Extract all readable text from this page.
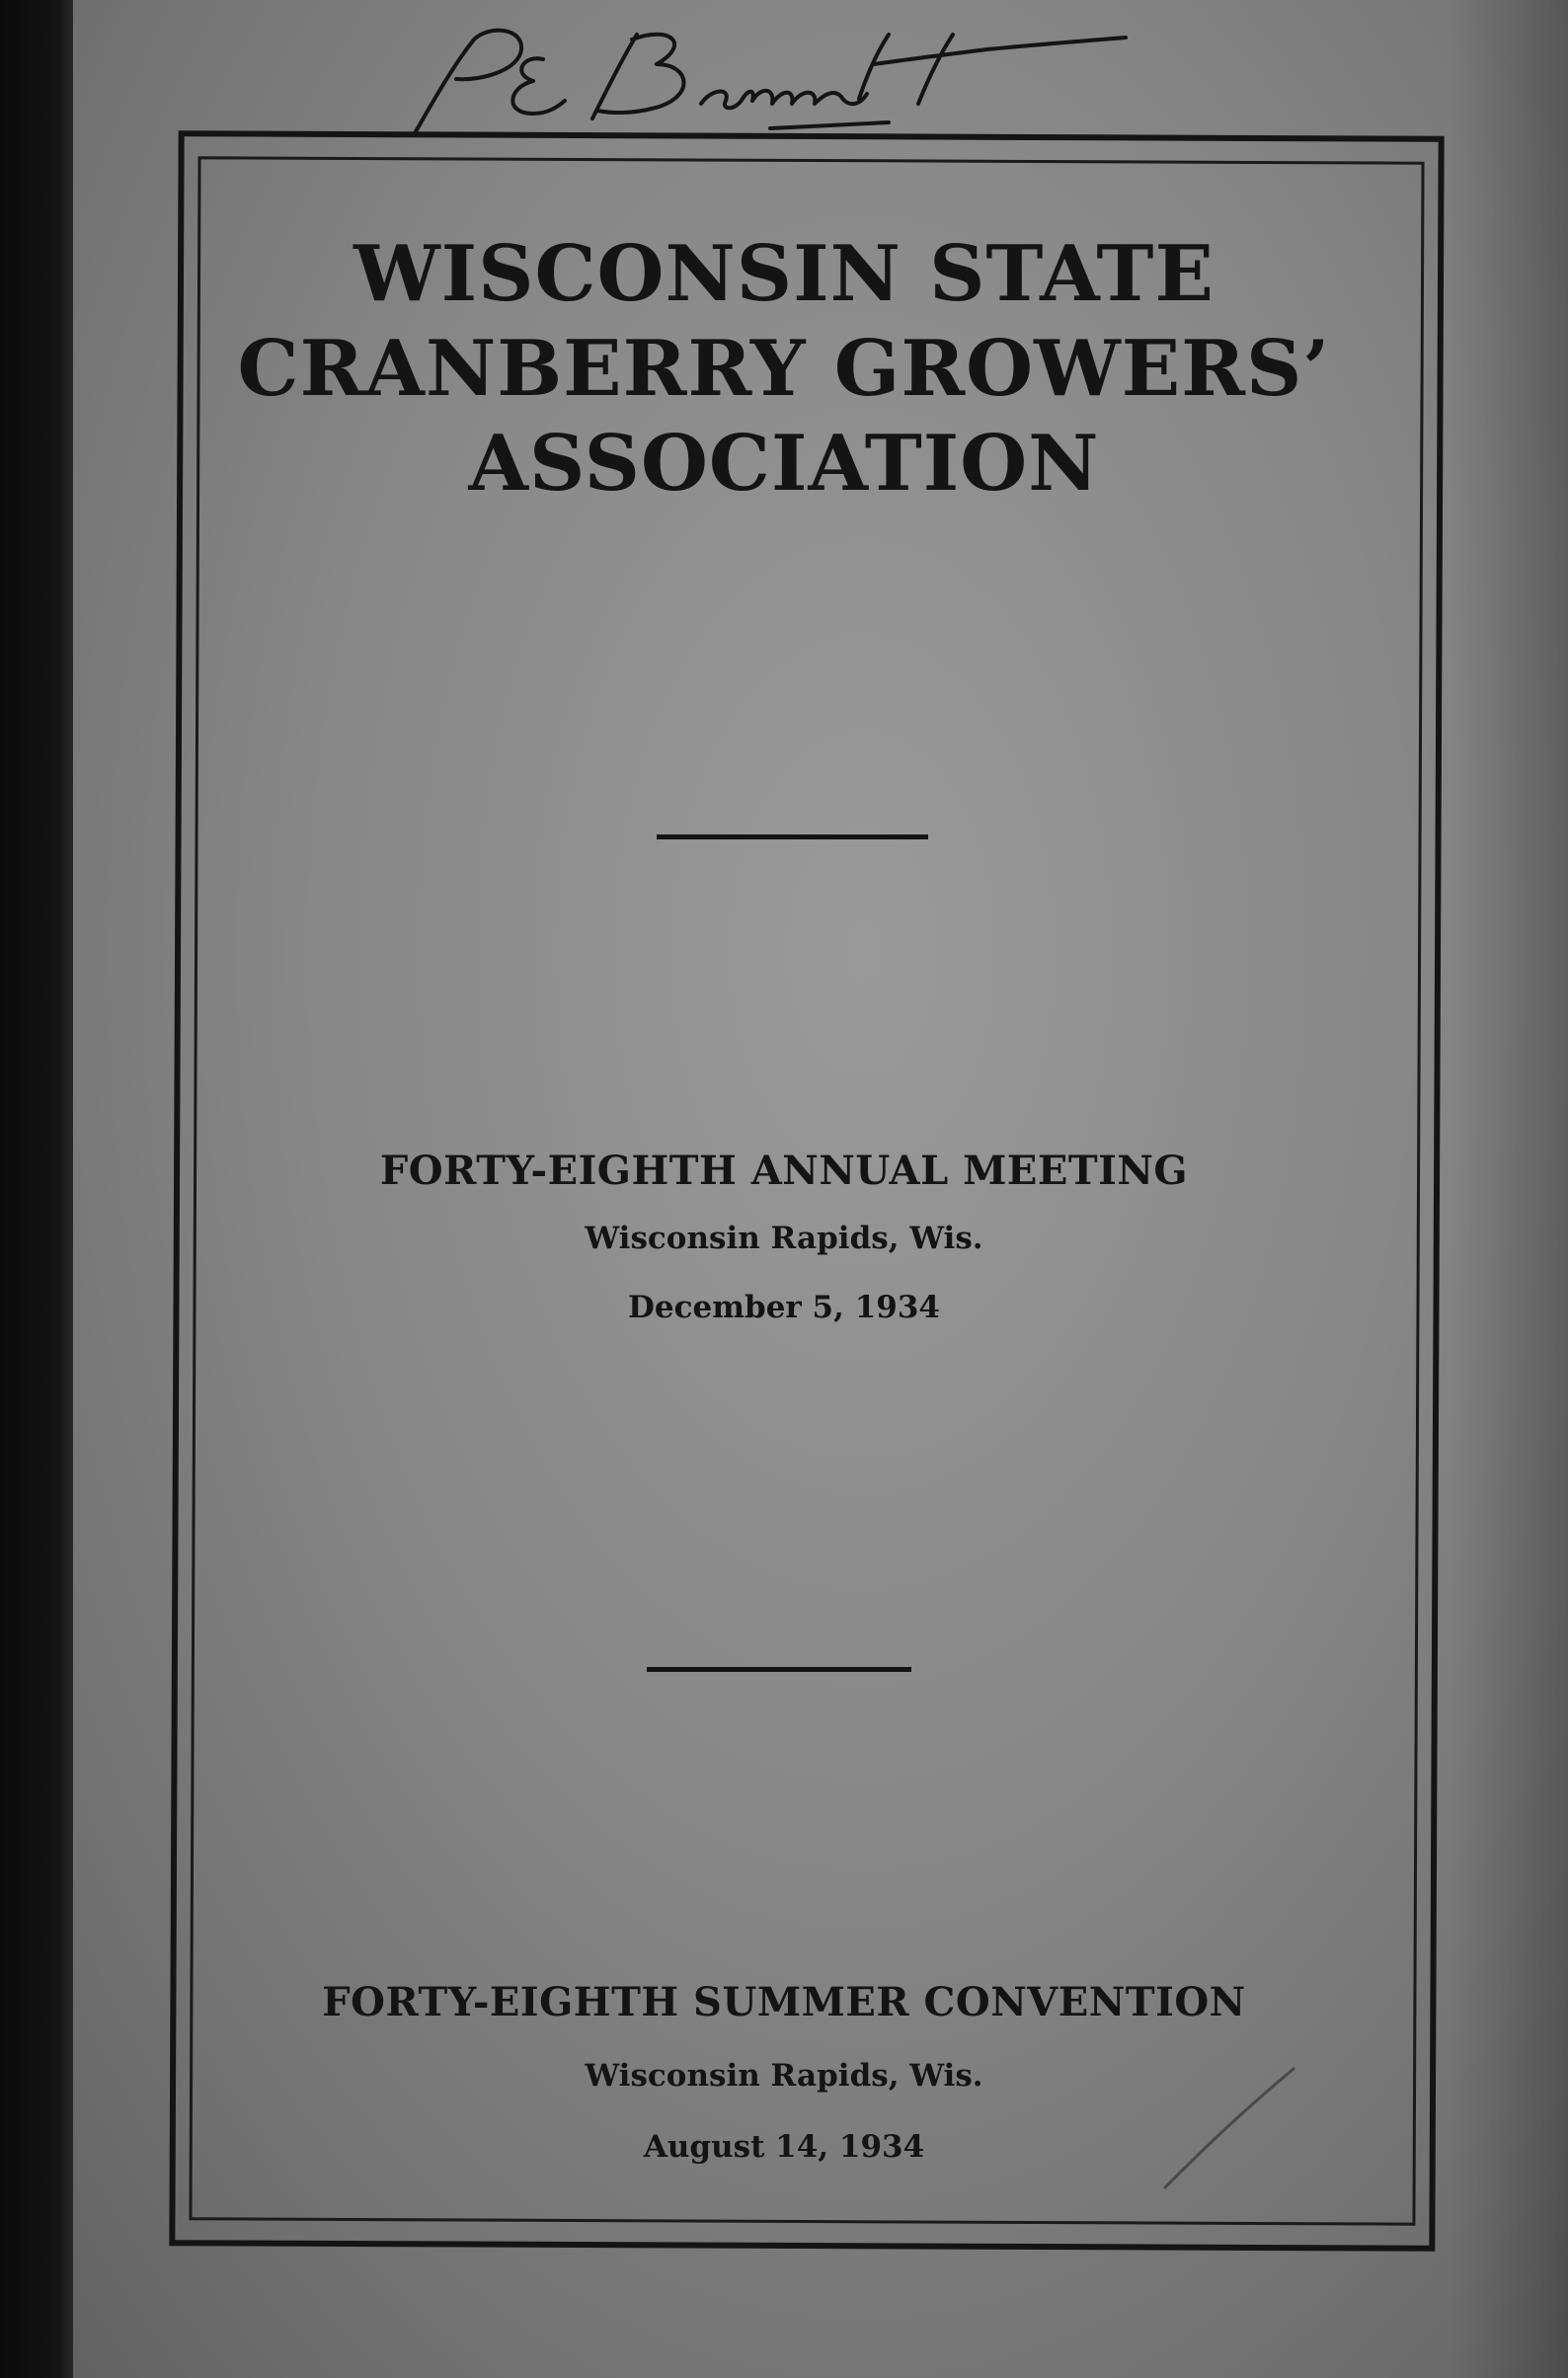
WISCONSIN STATE
CRANBERRY GROWERS’
ASSOCIATION
FORTY-EIGHTH ANNUAL MEETING
Wisconsin Rapids, Wis.
December 5, 1934
FORTY-EIGHTH SUMMER CONVENTION
Wisconsin Rapids, Wis.
August 14, 1934
